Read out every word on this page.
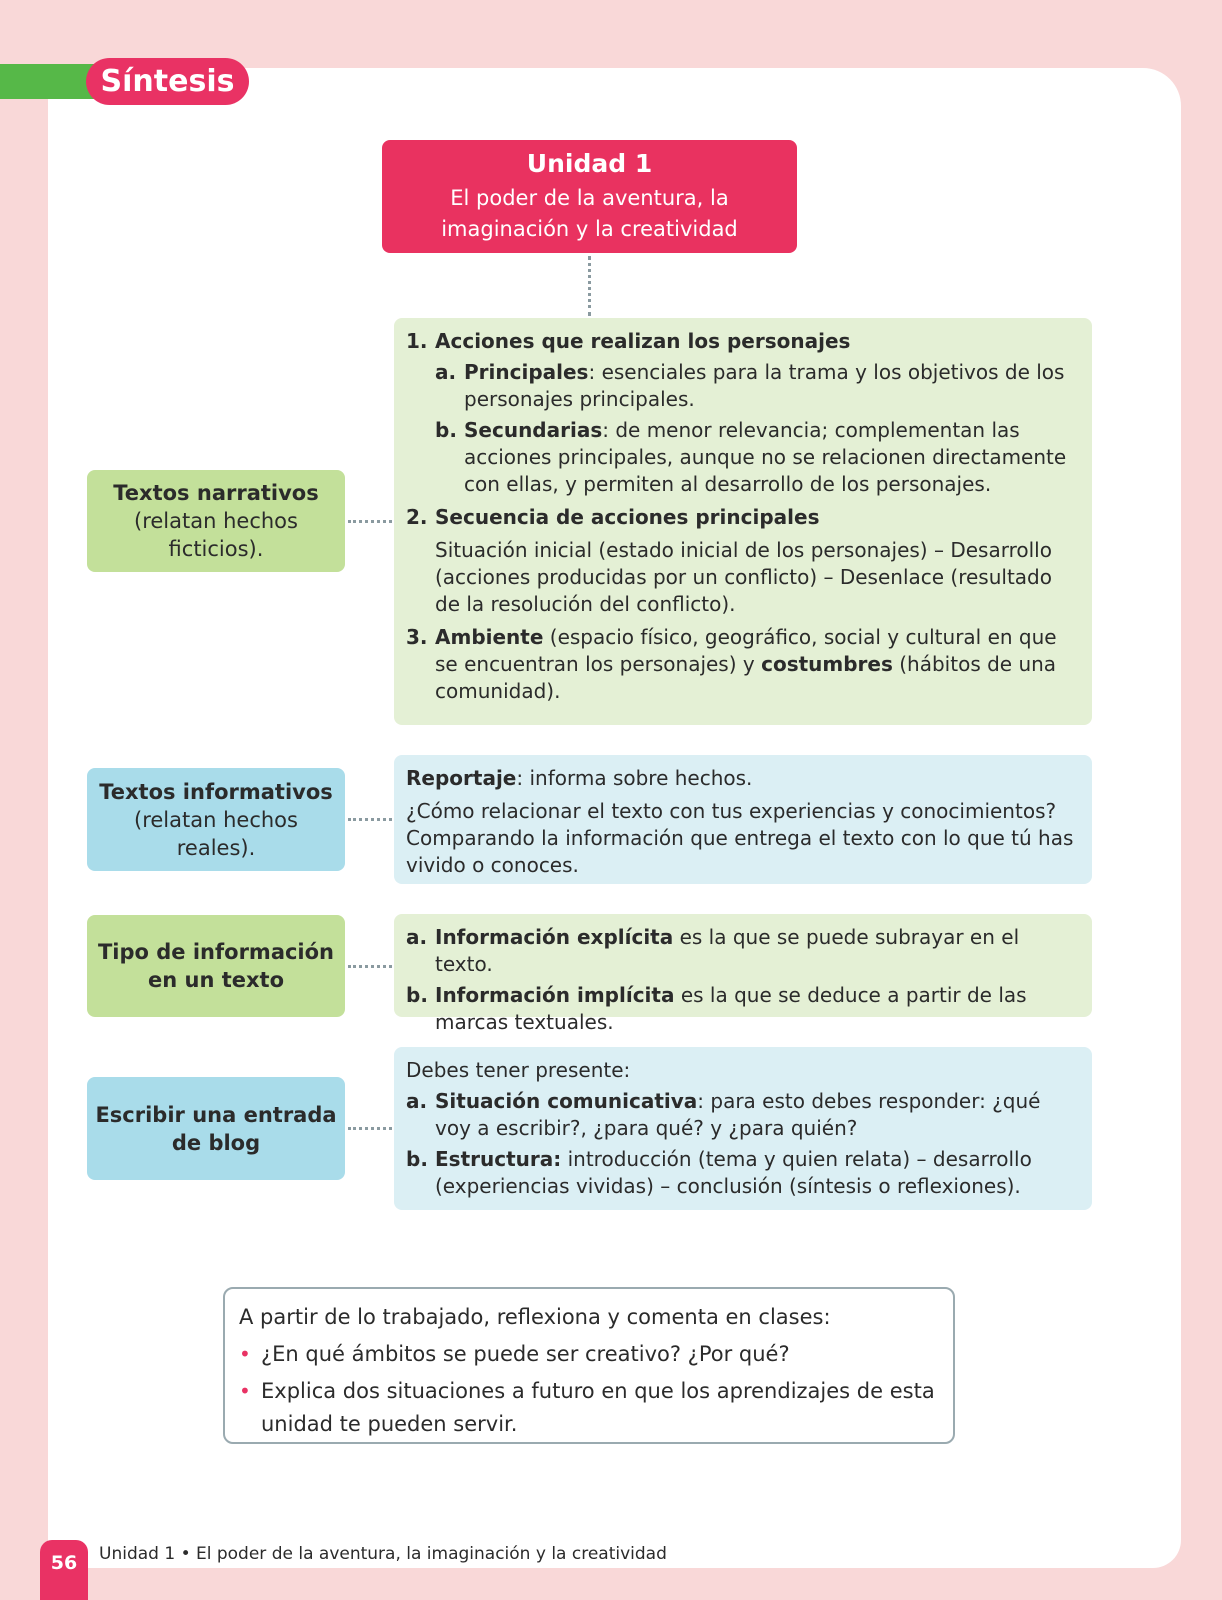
Síntesis
Unidad 1
El poder de la aventura, la
imaginación y la creatividad
Textos narrativos
(relatan hechos
ficticios).
1. Acciones que realizan los personajes
a. Principales: esenciales para la trama y los objetivos de los personajes principales.
b. Secundarias: de menor relevancia; complementan las acciones principales, aunque no se relacionen directamente con ellas, y permiten al desarrollo de los personajes.
2. Secuencia de acciones principales
Situación inicial (estado inicial de los personajes) – Desarrollo (acciones producidas por un conflicto) – Desenlace (resultado de la resolución del conflicto).
3. Ambiente (espacio físico, geográfico, social y cultural en que se encuentran los personajes) y costumbres (hábitos de una comunidad).
Textos informativos
(relatan hechos
reales).
Reportaje: informa sobre hechos.
¿Cómo relacionar el texto con tus experiencias y conocimientos? Comparando la información que entrega el texto con lo que tú has vivido o conoces.
Tipo de información
en un texto
a. Información explícita es la que se puede subrayar en el texto.
b. Información implícita es la que se deduce a partir de las marcas textuales.
Escribir una entrada
de blog
Debes tener presente:
a. Situación comunicativa: para esto debes responder: ¿qué voy a escribir?, ¿para qué? y ¿para quién?
b. Estructura: introducción (tema y quien relata) – desarrollo (experiencias vividas) – conclusión (síntesis o reflexiones).
A partir de lo trabajado, reflexiona y comenta en clases:
• ¿En qué ámbitos se puede ser creativo? ¿Por qué?
• Explica dos situaciones a futuro en que los aprendizajes de esta unidad te pueden servir.
56	Unidad 1 • El poder de la aventura, la imaginación y la creatividad
